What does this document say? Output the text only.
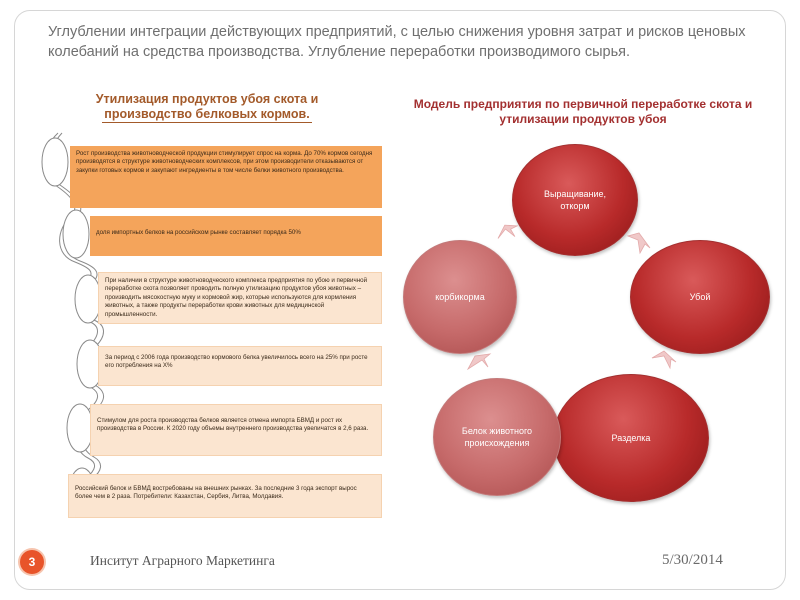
Углублении интеграции действующих предприятий, с целью снижения уровня затрат и рисков ценовых колебаний на средства производства. Углубление переработки производимого сырья.
Утилизация продуктов убоя скота и

производство белковых кормов.
Рост производства животноводческой продукции стимулирует спрос на корма. До 70% кормов сегодня производятся в структуре животноводческих комплексов, при этом производители отказываются от закупки готовых кормов и закупают ингредиенты в том числе белки животного производства.
доля импортных белков на российском рынке составляет порядка 50%
При наличии в структуре животноводческого комплекса предприятия по убою и первичной переработке скота позволяет проводить полную утилизацию продуктов убоя животных – производить мясокостную муку и кормовой жир, которые используются для кормления животных, а также продукты переработки крови животных для медицинской промышленности.
За период с 2006 года производство кормового белка увеличилось всего на 25% при росте его потребления на Х%
Стимулом для роста производства белков является отмена импорта БВМД и рост их производства в России. К 2020 году объемы внутреннего производства увеличатся в 2,6 раза.
Российский белок и БВМД востребованы на внешних рынках. За последние 3 года экспорт вырос более чем в 2 раза. Потребители: Казахстан, Сербия, Литва, Молдавия.
Модель предприятия по первичной переработке скота и утилизации продуктов убоя
Выращивание, откорм
Убой
Разделка
Белок животного происхождения
корбикорма
3	Инситут Аграрного Маркетинга	5/30/2014
